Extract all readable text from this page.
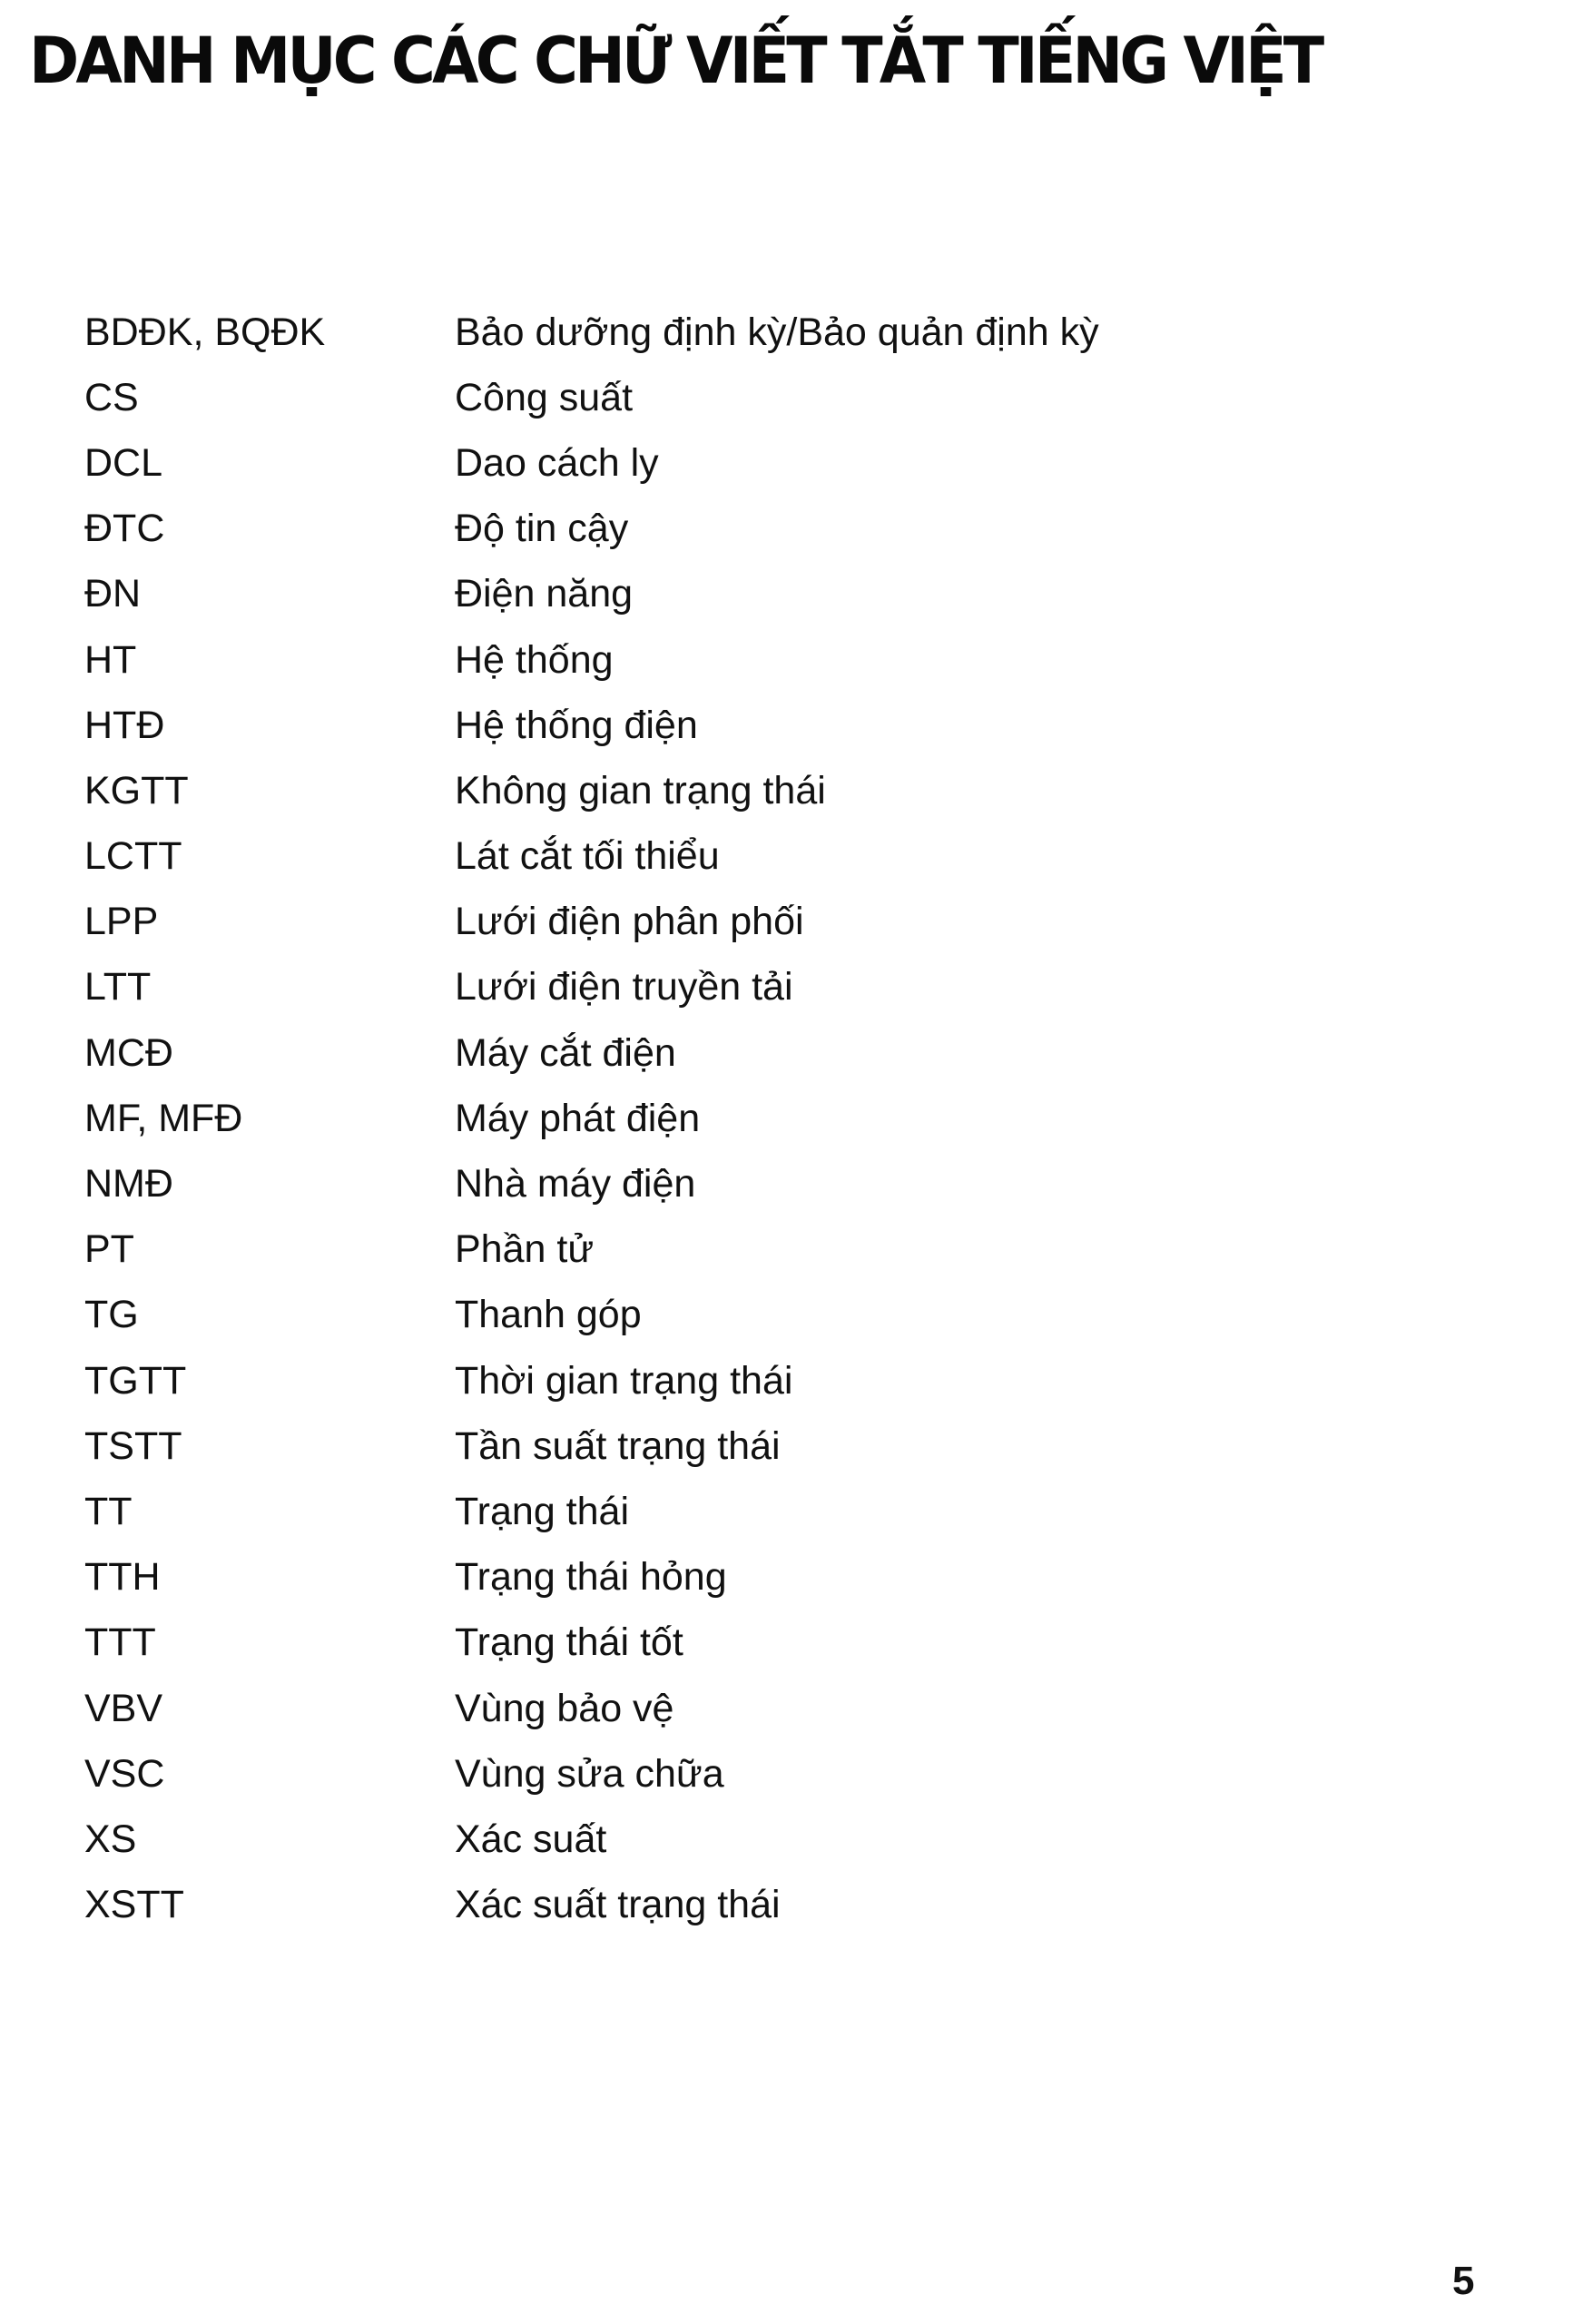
DANH MỤC CÁC CHỮ VIẾT TẮT TIẾNG VIỆT
BDĐK, BQĐK	Bảo dưỡng định kỳ/Bảo quản định kỳ
CS	Công suất
DCL	Dao cách ly
ĐTC	Độ tin cậy
ĐN	Điện năng
HT	Hệ thống
HTĐ	Hệ thống điện
KGTT	Không gian trạng thái
LCTT	Lát cắt tối thiểu
LPP	Lưới điện phân phối
LTT	Lưới điện truyền tải
MCĐ	Máy cắt điện
MF, MFĐ	Máy phát điện
NMĐ	Nhà máy điện
PT	Phần tử
TG	Thanh góp
TGTT	Thời gian trạng thái
TSTT	Tần suất trạng thái
TT	Trạng thái
TTH	Trạng thái hỏng
TTT	Trạng thái tốt
VBV	Vùng bảo vệ
VSC	Vùng sửa chữa
XS	Xác suất
XSTT	Xác suất trạng thái
5
